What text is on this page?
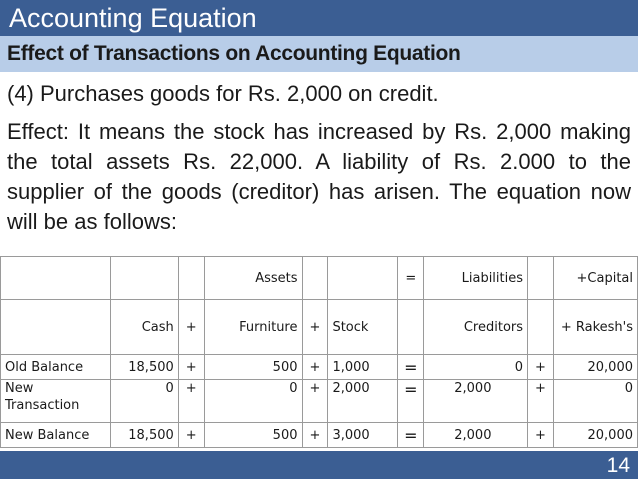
Accounting Equation
Effect of Transactions on Accounting Equation
(4) Purchases goods for Rs. 2,000 on credit.
Effect: It means the stock has increased by Rs. 2,000 making the total assets Rs. 22,000. A liability of Rs. 2.000 to the supplier of the goods (creditor) has arisen. The equation now will be as follows:
			Assets			=	Liabilities		+Capital
	Cash	+	Furniture	+	Stock		Creditors		+ Rakesh's
Old Balance	18,500	+	500	+	1,000	=	0	+	20,000
New Transaction	0	+	0	+	2,000	=	2,000	+	0
New Balance	18,500	+	500	+	3,000	=	2,000	+	20,000
14
